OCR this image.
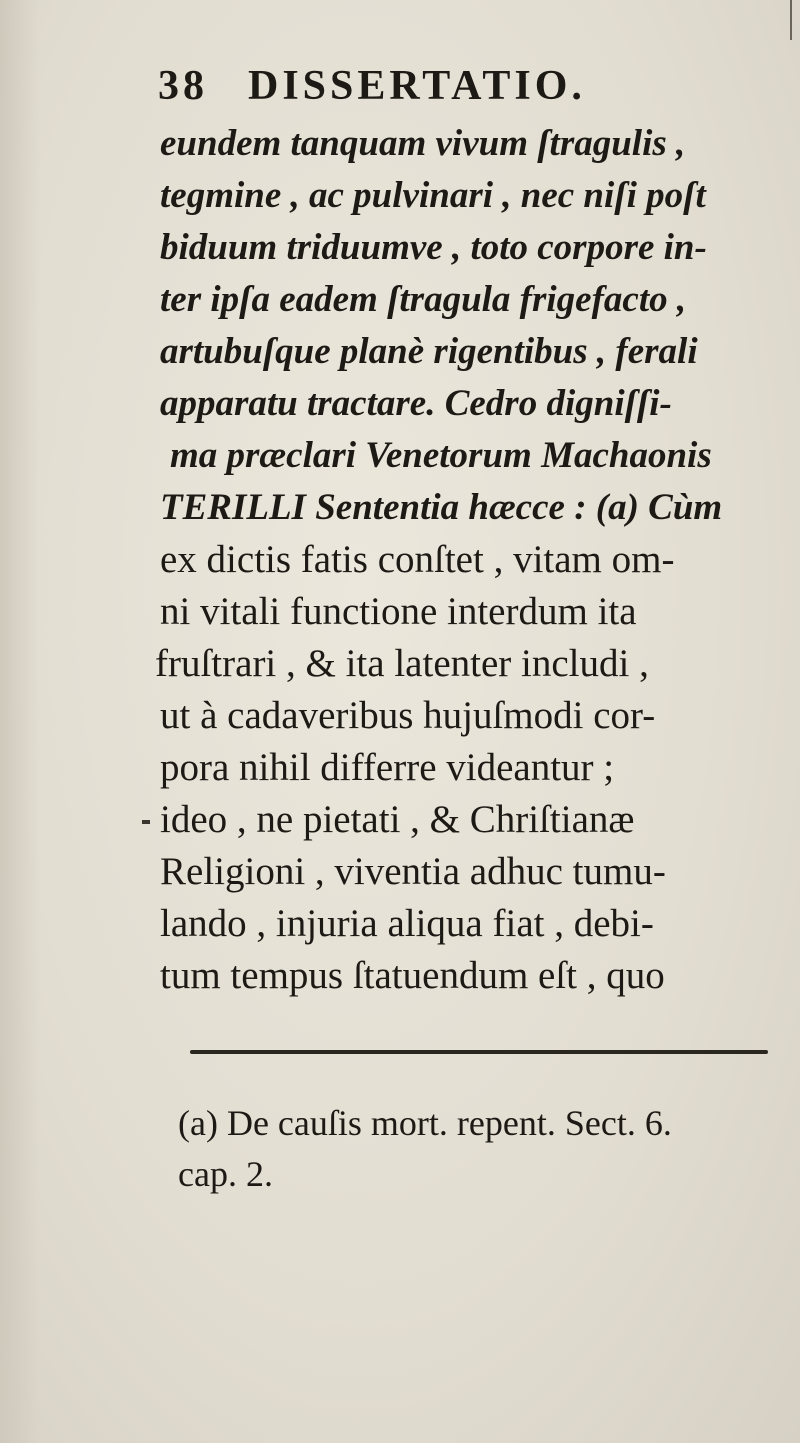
38 DISSERTATIO.
eundem tanquam vivum ſtragulis ,
tegmine , ac pulvinari , nec niſi poſt
biduum triduumve , toto corpore in-
ter ipſa eadem ſtragula frigefacto ,
artubuſque planè rigentibus , ferali
apparatu tractare. Cedro digniſſi-
ma præclari Venetorum Machaonis
TERILLI Sententia hæcce : (a) Cùm
ex dictis fatis conſtet , vitam om-
ni vitali functione interdum ita
fruſtrari , & ita latenter includi ,
ut à cadaveribus hujuſmodi cor-
pora nihil differre videantur ;
ideo , ne pietati , & Chriſtianæ
Religioni , viventia adhuc tumu-
lando , injuria aliqua fiat , debi-
tum tempus ſtatuendum eſt , quo
(a) De cauſis mort. repent. Sect. 6.
cap. 2.
